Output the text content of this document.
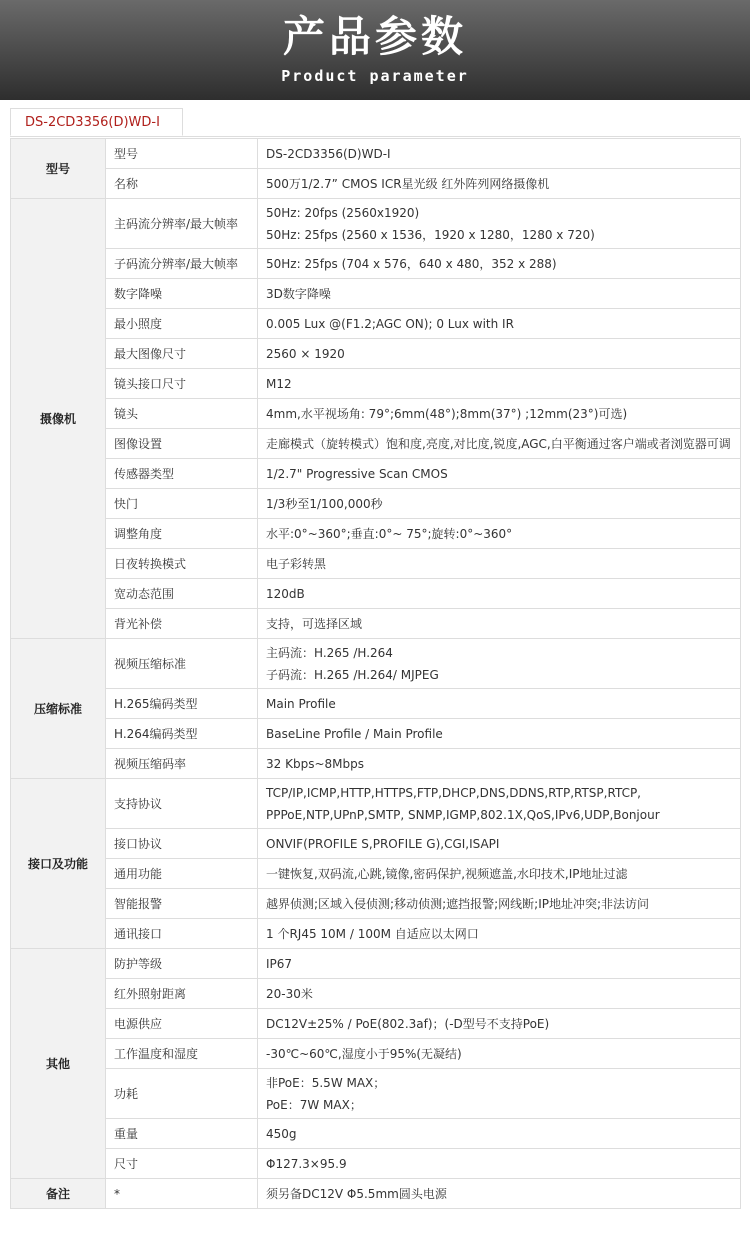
产品参数
Product parameter
DS-2CD3356(D)WD-I
型号	型号	DS-2CD3356(D)WD-I

	名称	500万1/2.7” CMOS ICR星光级 红外阵列网络摄像机

摄像机	主码流分辨率/最大帧率	50Hz: 20fps (2560x1920)
50Hz: 25fps (2560 x 1536，1920 x 1280，1280 x 720)

	子码流分辨率/最大帧率	50Hz: 25fps (704 x 576，640 x 480，352 x 288)

	数字降噪	3D数字降噪

	最小照度	0.005 Lux @(F1.2;AGC ON); 0 Lux with IR

	最大图像尺寸	2560 × 1920

	镜头接口尺寸	M12

	镜头	4mm,水平视场角: 79°;6mm(48°);8mm(37°) ;12mm(23°)可选)

	图像设置	走廊模式（旋转模式）饱和度,亮度,对比度,锐度,AGC,白平衡通过客户端或者浏览器可调

	传感器类型	1/2.7" Progressive Scan CMOS

	快门	1/3秒至1/100,000秒

	调整角度	水平:0°~360°;垂直:0°~ 75°;旋转:0°~360°

	日夜转换模式	电子彩转黑

	宽动态范围	120dB

	背光补偿	支持，可选择区域

压缩标准	视频压缩标准	主码流：H.265 /H.264
子码流：H.265 /H.264/ MJPEG

	H.265编码类型	Main Profile

	H.264编码类型	BaseLine Profile / Main Profile

	视频压缩码率	32 Kbps~8Mbps

接口及功能	支持协议	TCP/IP,ICMP,HTTP,HTTPS,FTP,DHCP,DNS,DDNS,RTP,RTSP,RTCP,
PPPoE,NTP,UPnP,SMTP, SNMP,IGMP,802.1X,QoS,IPv6,UDP,Bonjour

	接口协议	ONVIF(PROFILE S,PROFILE G),CGI,ISAPI

	通用功能	一键恢复,双码流,心跳,镜像,密码保护,视频遮盖,水印技术,IP地址过滤

	智能报警	越界侦测;区域入侵侦测;移动侦测;遮挡报警;网线断;IP地址冲突;非法访问

	通讯接口	1 个RJ45 10M / 100M 自适应以太网口

其他	防护等级	IP67

	红外照射距离	20-30米

	电源供应	DC12V±25% / PoE(802.3af)；(-D型号不支持PoE)

	工作温度和湿度	-30℃~60℃,湿度小于95%(无凝结)

	功耗	非PoE：5.5W MAX；
PoE：7W MAX；

	重量	450g

	尺寸	Φ127.3×95.9

备注	*	须另备DC12V Φ5.5mm圆头电源
